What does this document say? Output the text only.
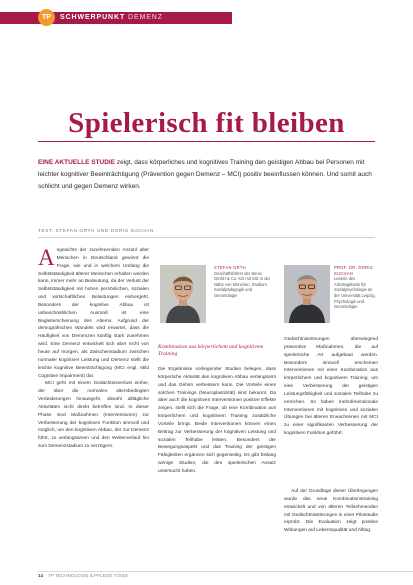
TP	SCHWERPUNKT DEMENZ
Spielerisch fit bleiben

EINE AKTUELLE STUDIE zeigt, dass körperliches und kognitives Training den geistigen Abbau bei Personen mit leichter kognitiver Beeinträchtigung (Prävention gegen Demenz – MCI) positiv beeinflussen können. Und somit auch schlicht und gegen Demenz wirken.

TEXT: STEFAN GRTH UND DORIS SUCHAN

Angesichts der zunehmenden Anzahl alter Menschen in Deutschland gewinnt die Frage, wie und in welchem Umfang die Selbstständigkeit älterer Menschen erhalten werden kann, immer mehr an Bedeutung, da der Verlust der Selbstständigkeit mit hohen persönlichen, sozialen und wirtschaftlichen Belastungen einhergeht. Besonders der kognitive Abbau ist unbeschreiblichen Ausmaß ist eine Begleiterscheinung des Alterns. Aufgrund der demografischen Wandels wird erwartet, dass die Häufigkeit von Demenzen künftig stark zunehmen wird. Eine Demenz entwickelt sich aber nicht von heute auf morgen, als Zwischenstadium zwischen normaler kognitiver Leistung und Demenz stellt die leichte kognitive Beeinträchtigung (MCI engl. Mild Cognitive Impairment) dar.

MCI geht mit einem Gedächtnisverlust einher, der über die normalen altersbedingten Veränderungen hinausgeht, obwohl alltägliche Aktivitäten nicht direkt betroffen sind. In dieser Phase sind Maßnahmen (Interventionen) zur Verbesserung der kognitiven Funktion sinnvoll und möglich, um den kognitiven Abbau, der zur Demenz führt, zu verlangsamen und den Weiterverlauf hin zum Demenzstadium zu verzögern.

STEFAN GRTH
Geschäftsführer der Senio GmbH & Co. KG mit Sitz in der Nähe von München, Studium Sozialpädagogik und Gerontologie
PROF. DR. DORIS SUCHAN
Leiterin des Arbeitsgebiets für Sozialpsychologie an der Universität Leipzig, Psychologie und Gerontologie
Kombination aus körperlichem und kognitivem Training

Die Ergebnisse vorliegender Studien belegen, dass körperliche Aktivität den kognitiven Abbau verlangsamt und das Gehirn verbessern kann. Die Vorteile eines solchen Trainings (Neuroplastizität) sind bekannt. Da aber auch die kognitiven Interventionen positive Effekte zeigen, stellt sich die Frage, ob eine Kombination aus körperlichem und kognitivem Training zusätzliche Vorteile bringt. Beide Interventionen können einen Beitrag zur Verbesserung der kognitiven Leistung und sozialen Teilhabe leisten. Besonders der Bewegungsaspekt und das Training der geistigen Fähigkeiten ergänzen sich gegenseitig. Es gibt bislang wenige Studien, die den spielerischen Ansatz untersucht haben.

Gedächtnisstörungen überwiegend präventive Maßnahmen, die auf spielerische Art aufgebaut werden. Besonders sinnvoll erscheinen Interventionen mit einer Kombination aus körperlichem und kognitivem Training, um eine Verbesserung der geistigen Leistungsfähigkeit und sozialen Teilhabe zu erreichen. So haben mehrdimensionale Interventionen mit kognitiven und sozialen Übungen bei älteren Erwachsenen mit MCI zu einer signifikanten Verbesserung der kognitiven Funktion geführt.

Auf der Grundlage dieser Überlegungen wurde das neue Kombinationstraining entwickelt und von älteren Teilnehmenden mit Gedächtnisstörungen in einer Pilotstudie erprobt. Die Evaluation zeigt positive Wirkungen auf Lebensqualität und Alltag.

14 TP TECHNOLOGIE & PFLEGE 7/2019
